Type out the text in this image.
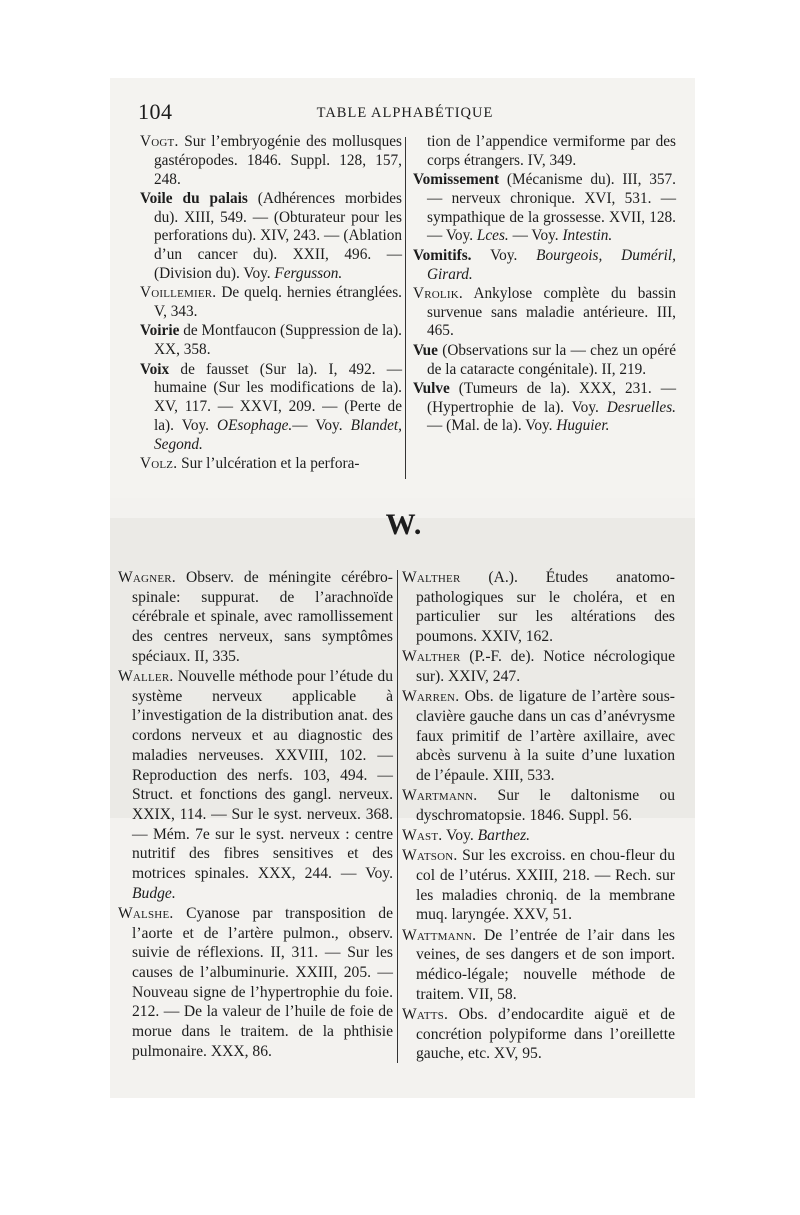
104	TABLE ALPHABÉTIQUE

Vogt. Sur l’embryogénie des mollusques gastéropodes. 1846. Suppl. 128, 157, 248.

Voile du palais (Adhérences morbides du). XIII, 549. — (Obturateur pour les perforations du). XIV, 243. — (Ablation d’un cancer du). XXII, 496. — (Division du). Voy. Fergusson.

Voillemier. De quelq. hernies étranglées. V, 343.

Voirie de Montfaucon (Suppression de la). XX, 358.

Voix de fausset (Sur la). I, 492. — humaine (Sur les modifications de la). XV, 117. — XXVI, 209. — (Perte de la). Voy. OEsophage.— Voy. Blandet, Segond.

Volz. Sur l’ulcération et la perfora-

tion de l’appendice vermiforme par des corps étrangers. IV, 349.

Vomissement (Mécanisme du). III, 357. — nerveux chronique. XVI, 531. — sympathique de la grossesse. XVII, 128. — Voy. Lces. — Voy. Intestin.

Vomitifs. Voy. Bourgeois, Duméril, Girard.

Vrolik. Ankylose complète du bassin survenue sans maladie antérieure. III, 465.

Vue (Observations sur la — chez un opéré de la cataracte congénitale). II, 219.

Vulve (Tumeurs de la). XXX, 231. — (Hypertrophie de la). Voy. Desruelles. — (Mal. de la). Voy. Huguier.

W.

Wagner. Observ. de méningite cérébro-spinale: suppurat. de l’arachnoïde cérébrale et spinale, avec ramollissement des centres nerveux, sans symptômes spéciaux. II, 335.

Waller. Nouvelle méthode pour l’étude du système nerveux applicable à l’investigation de la distribution anat. des cordons nerveux et au diagnostic des maladies nerveuses. XXVIII, 102. — Reproduction des nerfs. 103, 494. — Struct. et fonctions des gangl. nerveux. XXIX, 114. — Sur le syst. nerveux. 368. — Mém. 7e sur le syst. nerveux : centre nutritif des fibres sensitives et des motrices spinales. XXX, 244. — Voy. Budge.

Walshe. Cyanose par transposition de l’aorte et de l’artère pulmon., observ. suivie de réflexions. II, 311. — Sur les causes de l’albuminurie. XXIII, 205. — Nouveau signe de l’hypertrophie du foie. 212. — De la valeur de l’huile de foie de morue dans le traitem. de la phthisie pulmonaire. XXX, 86.

Walther (A.). Études anatomo-pathologiques sur le choléra, et en particulier sur les altérations des poumons. XXIV, 162.

Walther (P.-F. de). Notice nécrologique sur). XXIV, 247.

Warren. Obs. de ligature de l’artère sous-clavière gauche dans un cas d’anévrysme faux primitif de l’artère axillaire, avec abcès survenu à la suite d’une luxation de l’épaule. XIII, 533.

Wartmann. Sur le daltonisme ou dyschromatopsie. 1846. Suppl. 56.

Wast. Voy. Barthez.

Watson. Sur les excroiss. en chou-fleur du col de l’utérus. XXIII, 218. — Rech. sur les maladies chroniq. de la membrane muq. laryngée. XXV, 51.

Wattmann. De l’entrée de l’air dans les veines, de ses dangers et de son import. médico-légale; nouvelle méthode de traitem. VII, 58.

Watts. Obs. d’endocardite aiguë et de concrétion polypiforme dans l’oreillette gauche, etc. XV, 95.
